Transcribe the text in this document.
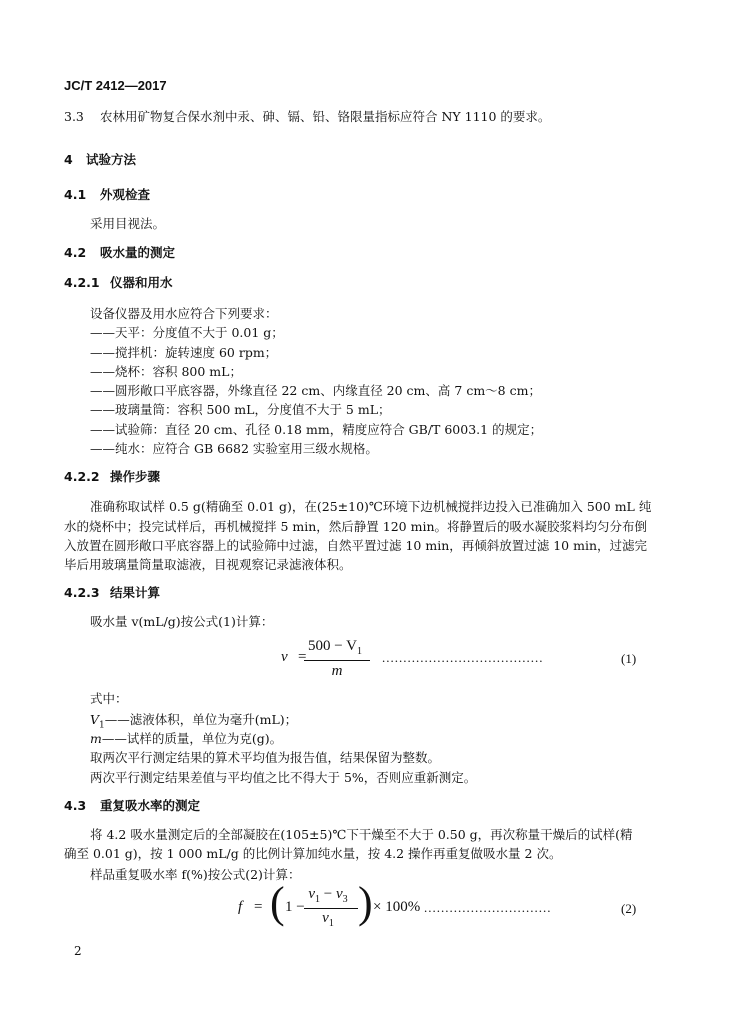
JC/T 2412—2017
3.3 农林用矿物复合保水剂中汞、砷、镉、铅、铬限量指标应符合 NY 1110 的要求。
4 试验方法
4.1 外观检查
采用目视法。
4.2 吸水量的测定
4.2.1 仪器和用水
设备仪器及用水应符合下列要求：
——天平：分度值不大于 0.01 g；
——搅拌机：旋转速度 60 rpm；
——烧杯：容积 800 mL；
——圆形敞口平底容器，外缘直径 22 cm、内缘直径 20 cm、高 7 cm～8 cm；
——玻璃量筒：容积 500 mL，分度值不大于 5 mL；
——试验筛：直径 20 cm、孔径 0.18 mm，精度应符合 GB/T 6003.1 的规定；
——纯水：应符合 GB 6682 实验室用三级水规格。
4.2.2 操作步骤
准确称取试样 0.5 g(精确至 0.01 g)，在(25±10)℃环境下边机械搅拌边投入已准确加入 500 mL 纯
水的烧杯中；投完试样后，再机械搅拌 5 min，然后静置 120 min。将静置后的吸水凝胶浆料均匀分布倒
入放置在圆形敞口平底容器上的试验筛中过滤，自然平置过滤 10 min，再倾斜放置过滤 10 min，过滤完
毕后用玻璃量筒量取滤液，目视观察记录滤液体积。
4.2.3 结果计算
吸水量 v(mL/g)按公式(1)计算：
v =
$500 - V_1$
m
......................................	(1)
式中：
$V_1——$滤液体积，单位为毫升(mL)；
m——试样的质量，单位为克(g)。
取两次平行测定结果的算术平均值为报告值，结果保留为整数。
两次平行测定结果差值与平均值之比不得大于 5%，否则应重新测定。
4.3 重复吸水率的测定
将 4.2 吸水量测定后的全部凝胶在(105±5)℃下干燥至不大于 0.50 g，再次称量干燥后的试样(精
确至 0.01 g)，按 1 000 mL/g 的比例计算加纯水量，按 4.2 操作再重复做吸水量 2 次。
样品重复吸水率 f(%)按公式(2)计算：
f = ( 1 −
$v_1 - v_3$
$v_1$ ) × 100% ..............................	(2)
2
